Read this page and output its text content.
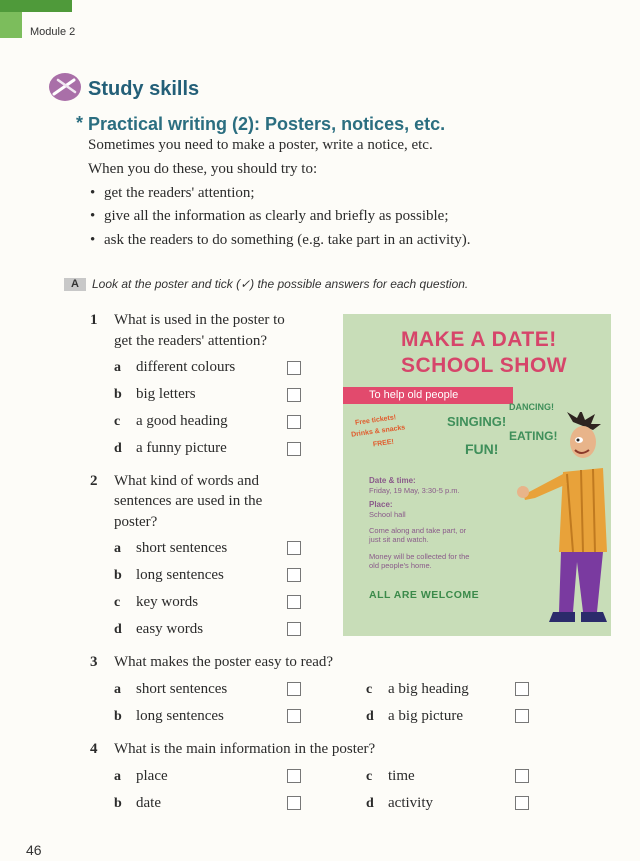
Module 2
Study skills
* Practical writing (2): Posters, notices, etc.
Sometimes you need to make a poster, write a notice, etc.
When you do these, you should try to:
• get the readers' attention;
• give all the information as clearly and briefly as possible;
• ask the readers to do something (e.g. take part in an activity).
A	Look at the poster and tick (✓) the possible answers for each question.
1 What is used in the poster to
get the readers' attention?
a different colours
b big letters
c a good heading
d a funny picture
2 What kind of words and
sentences are used in the
poster?
a short sentences
b long sentences
c key words
d easy words
MAKE A DATE!
SCHOOL SHOW
To help old people
Free tickets!
Drinks & snacks
FREE!
SINGING!
DANCING!
EATING!
FUN!
Date & time:
Friday, 19 May, 3:30-5 p.m.
Place:
School hall
Come along and take part, or
just sit and watch.
Money will be collected for the
old people's home.
ALL ARE WELCOME
3 What makes the poster easy to read?
a short sentences
b long sentences
c a big heading
d a big picture
4 What is the main information in the poster?
a place
b date
c time
d activity
46
